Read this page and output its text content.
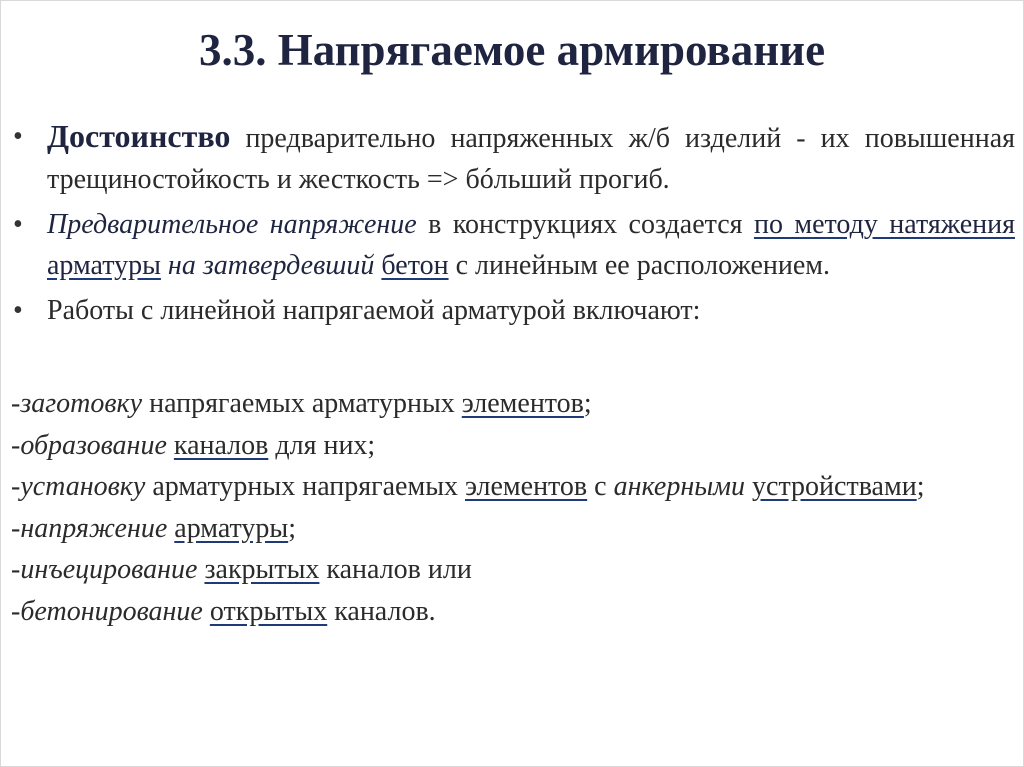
3.3. Напрягаемое армирование
• Достоинство предварительно напряженных ж/б изделий - их повышенная трещиностойкость и жесткость => бóльший прогиб.
• Предварительное напряжение в конструкциях создается по методу натяжения арматуры на затвердевший бетон с линейным ее расположением.
• Работы с линейной напрягаемой арматурой включают:
-заготовку напрягаемых арматурных элементов;
-образование каналов для них;
-установку арматурных напрягаемых элементов с анкерными устройствами;
-напряжение арматуры;
-инъецирование закрытых каналов или
-бетонирование открытых каналов.
